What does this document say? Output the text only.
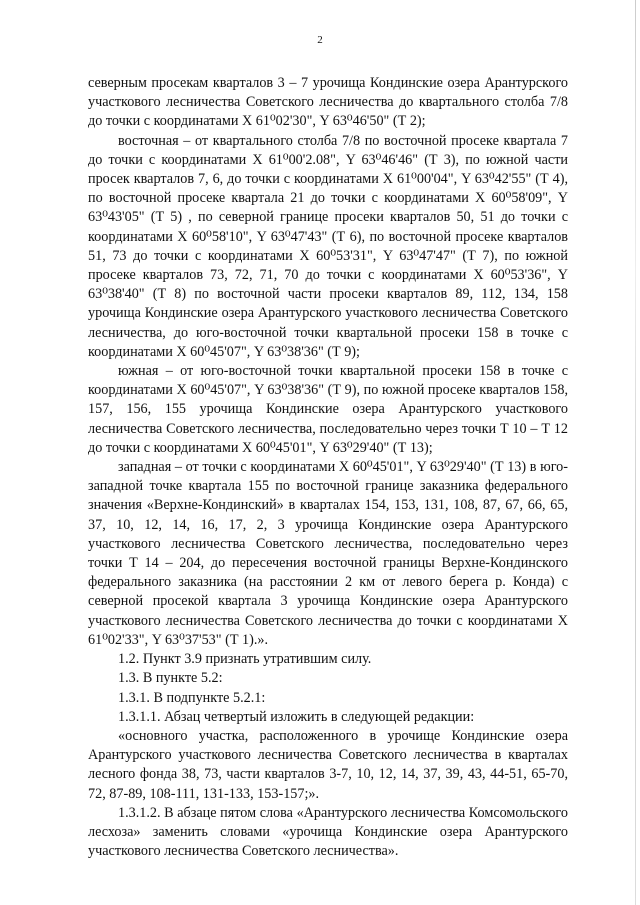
2

северным просекам кварталов 3 – 7 урочища Кондинские озера Арантурского участкового лесничества Советского лесничества до квартального столба 7/8 до точки с координатами Х 61⁰02'30", Y 63⁰46'50" (Т 2);

восточная – от квартального столба 7/8 по восточной просеке квартала 7 до точки с координатами Х 61⁰00'2.08", Y 63⁰46'46" (Т 3), по южной части просек кварталов 7, 6, до точки с координатами Х 61⁰00'04", Y 63⁰42'55" (Т 4), по восточной просеке квартала 21 до точки с координатами Х 60⁰58'09", Y 63⁰43'05" (Т 5) , по северной границе просеки кварталов 50, 51 до точки с координатами Х 60⁰58'10", Y 63⁰47'43" (Т 6), по восточной просеке кварталов 51, 73 до точки с координатами Х 60⁰53'31", Y 63⁰47'47" (Т 7), по южной просеке кварталов 73, 72, 71, 70 до точки с координатами Х 60⁰53'36", Y 63⁰38'40" (Т 8) по восточной части просеки кварталов 89, 112, 134, 158 урочища Кондинские озера Арантурского участкового лесничества Советского лесничества, до юго-восточной точки квартальной просеки 158 в точке с координатами Х 60⁰45'07", Y 63⁰38'36" (Т 9);

южная – от юго-восточной точки квартальной просеки 158 в точке с координатами Х 60⁰45'07", Y 63⁰38'36" (Т 9), по южной просеке кварталов 158, 157, 156, 155 урочища Кондинские озера Арантурского участкового лесничества Советского лесничества, последовательно через точки Т 10 – Т 12 до точки с координатами Х 60⁰45'01", Y 63⁰29'40" (Т 13);

западная – от точки с координатами Х 60⁰45'01", Y 63⁰29'40" (Т 13) в юго-западной точке квартала 155 по восточной границе заказника федерального значения «Верхне-Кондинский» в кварталах 154, 153, 131, 108, 87, 67, 66, 65, 37, 10, 12, 14, 16, 17, 2, 3 урочища Кондинские озера Арантурского участкового лесничества Советского лесничества, последовательно через точки Т 14 – 204, до пересечения восточной границы Верхне-Кондинского федерального заказника (на расстоянии 2 км от левого берега р. Конда) с северной просекой квартала 3 урочища Кондинские озера Арантурского участкового лесничества Советского лесничества до точки с координатами Х 61⁰02'33", Y 63⁰37'53" (Т 1).».

1.2. Пункт 3.9 признать утратившим силу.

1.3. В пункте 5.2:

1.3.1. В подпункте 5.2.1:

1.3.1.1. Абзац четвертый изложить в следующей редакции:

«основного участка, расположенного в урочище Кондинские озера Арантурского участкового лесничества Советского лесничества в кварталах лесного фонда 38, 73, части кварталов 3-7, 10, 12, 14, 37, 39, 43, 44-51, 65-70, 72, 87-89, 108-111, 131-133, 153-157;».

1.3.1.2. В абзаце пятом слова «Арантурского лесничества Комсомольского лесхоза» заменить словами «урочища Кондинские озера Арантурского участкового лесничества Советского лесничества».
